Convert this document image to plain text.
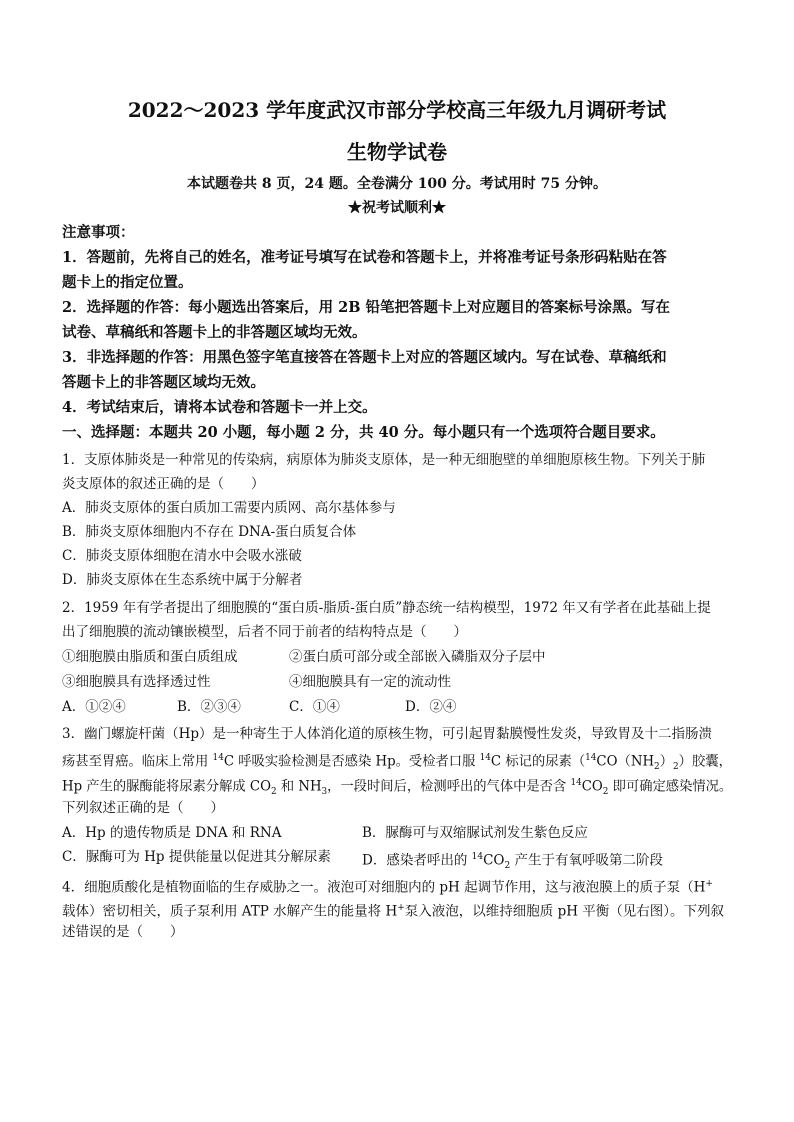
2022～2023 学年度武汉市部分学校高三年级九月调研考试
生物学试卷
本试题卷共 8 页，24 题。全卷满分 100 分。考试用时 75 分钟。
★祝考试顺利★
注意事项：
1．答题前，先将自己的姓名，准考证号填写在试卷和答题卡上，并将准考证号条形码粘贴在答
题卡上的指定位置。
2．选择题的作答：每小题选出答案后，用 2B 铅笔把答题卡上对应题目的答案标号涂黑。写在
试卷、草稿纸和答题卡上的非答题区域均无效。
3．非选择题的作答：用黑色签字笔直接答在答题卡上对应的答题区域内。写在试卷、草稿纸和
答题卡上的非答题区域均无效。
4．考试结束后，请将本试卷和答题卡一并上交。
一、选择题：本题共 20 小题，每小题 2 分，共 40 分。每小题只有一个选项符合题目要求。
1．支原体肺炎是一种常见的传染病，病原体为肺炎支原体，是一种无细胞壁的单细胞原核生物。下列关于肺
炎支原体的叙述正确的是（　　）
A．肺炎支原体的蛋白质加工需要内质网、高尔基体参与
B．肺炎支原体细胞内不存在 DNA-蛋白质复合体
C．肺炎支原体细胞在清水中会吸水涨破
D．肺炎支原体在生态系统中属于分解者
2．1959 年有学者提出了细胞膜的“蛋白质-脂质-蛋白质”静态统一结构模型，1972 年又有学者在此基础上提
出了细胞膜的流动镶嵌模型，后者不同于前者的结构特点是（　　）
①细胞膜由脂质和蛋白质组成	②蛋白质可部分或全部嵌入磷脂双分子层中
③细胞膜具有选择透过性	④细胞膜具有一定的流动性
A．①②④	B．②③④	C．①④	D．②④
3．幽门螺旋杆菌（Hp）是一种寄生于人体消化道的原核生物，可引起胃黏膜慢性发炎，导致胃及十二指肠溃
疡甚至胃癌。临床上常用 $^{14}$C 呼吸实验检测是否感染 Hp。受检者口服 $^{14}$C 标记的尿素$(^{14}CO(NH_2)_2)$胶囊，
Hp 产生的脲酶能将尿素分解成 $CO_2$ 和 $NH_3$，一段时间后，检测呼出的气体中是否含 $^{14}CO_2$ 即可确定感染情况。
下列叙述正确的是（　　）
A．Hp 的遗传物质是 DNA 和 RNA	B．脲酶可与双缩脲试剂发生紫色反应
C．脲酶可为 Hp 提供能量以促进其分解尿素 D．感染者呼出的 $^{14}CO_2$ 产生于有氧呼吸第二阶段
4．细胞质酸化是植物面临的生存威胁之一。液泡可对细胞内的 pH 起调节作用，这与液泡膜上的质子泵（H+
载体）密切相关，质子泵利用 ATP 水解产生的能量将 H+泵入液泡，以维持细胞质 pH 平衡（见右图）。下列叙
述错误的是（　　）
